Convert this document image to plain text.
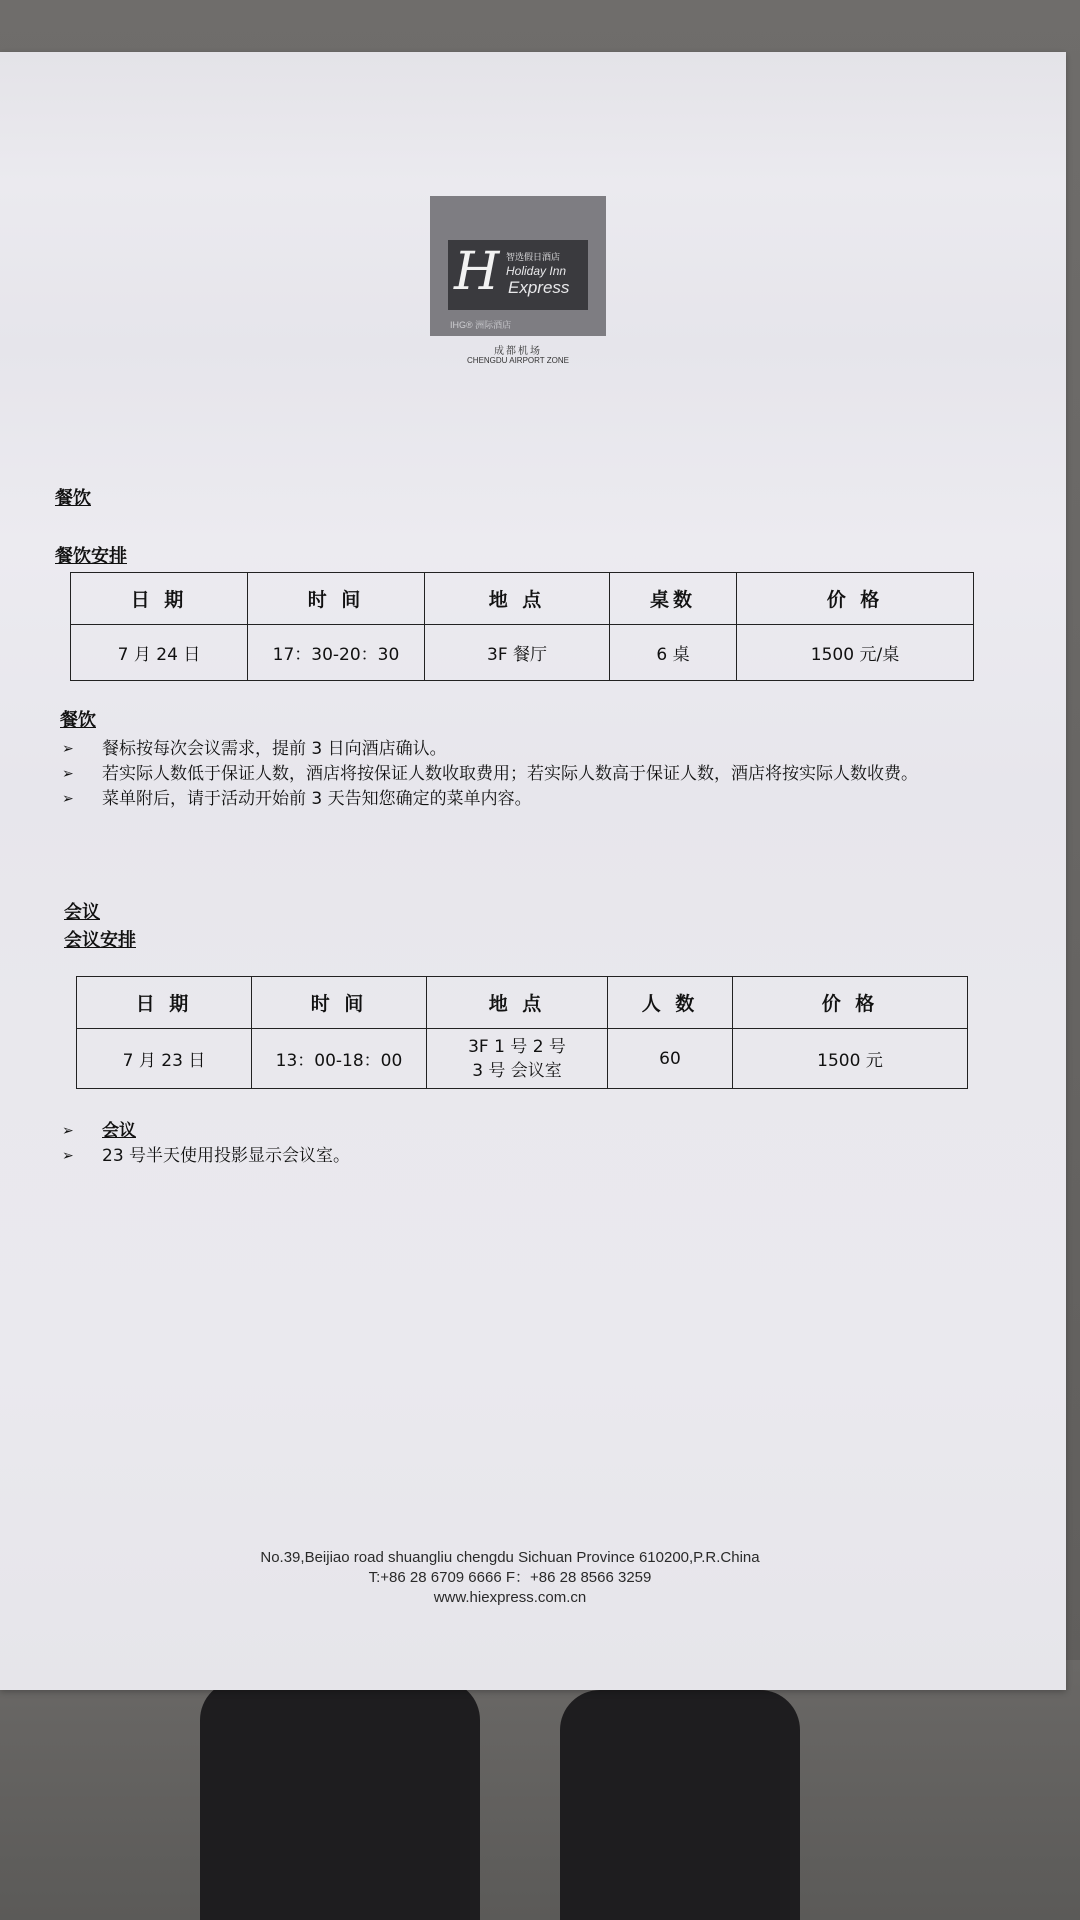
H 智选假日酒店
Holiday Inn
Express
IHG® 洲际酒店
成都机场
CHENGDU AIRPORT ZONE
餐饮
餐饮安排
日 期	时 间	地 点	桌数	价 格
7 月 24 日	17：30-20：30	3F 餐厅	6 桌	1500 元/桌
餐饮
➢ 餐标按每次会议需求，提前 3 日向酒店确认。
➢ 若实际人数低于保证人数，酒店将按保证人数收取费用；若实际人数高于保证人数，酒店将按实际人数收费。
➢ 菜单附后，请于活动开始前 3 天告知您确定的菜单内容。
会议
会议安排
日 期	时 间	地 点	人 数	价 格
7 月 23 日	13：00-18：00	3F 1 号 2 号 3 号 会议室	60	1500 元
➢ 会议
➢ 23 号半天使用投影显示会议室。
No.39,Beijiao road shuangliu chengdu Sichuan Province 610200,P.R.China
T:+86 28 6709 6666 F：+86 28 8566 3259
www.hiexpress.com.cn
